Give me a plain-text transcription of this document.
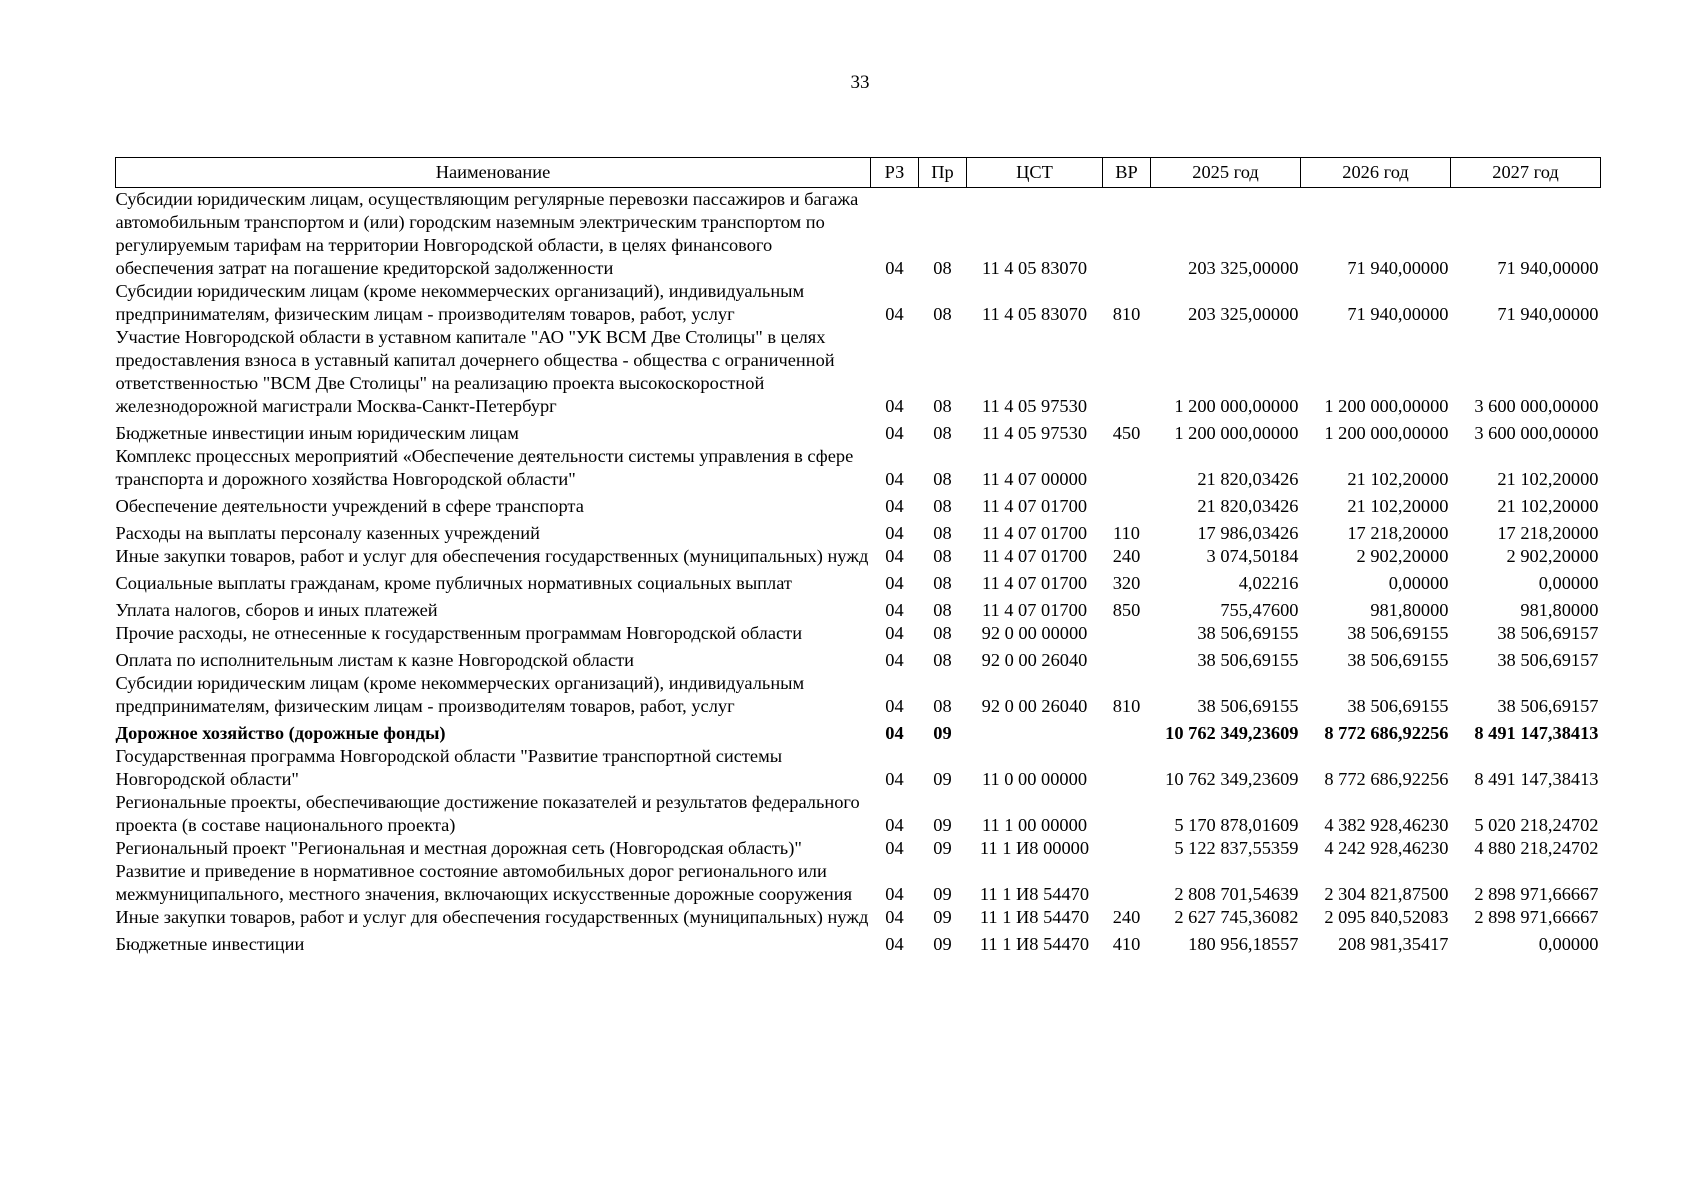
33
Наименование	РЗ	Пр	ЦСТ	ВР	2025 год	2026 год	2027 год
Субсидии юридическим лицам, осуществляющим регулярные перевозки пассажиров и багажа автомобильным транспортом и (или) городским наземным электрическим транспортом по регулируемым тарифам на территории Новгородской области, в целях финансового обеспечения затрат на погашение кредиторской задолженности	04	08	11 4 05 83070		203 325,00000	71 940,00000	71 940,00000
Субсидии юридическим лицам (кроме некоммерческих организаций), индивидуальным предпринимателям, физическим лицам - производителям товаров, работ, услуг	04	08	11 4 05 83070	810	203 325,00000	71 940,00000	71 940,00000
Участие Новгородской области в уставном капитале "АО "УК ВСМ Две Столицы" в целях предоставления взноса в уставный капитал дочернего общества - общества с ограниченной ответственностью "ВСМ Две Столицы" на реализацию проекта высокоскоростной железнодорожной магистрали Москва-Санкт-Петербург	04	08	11 4 05 97530		1 200 000,00000	1 200 000,00000	3 600 000,00000
Бюджетные инвестиции иным юридическим лицам	04	08	11 4 05 97530	450	1 200 000,00000	1 200 000,00000	3 600 000,00000
Комплекс процессных мероприятий «Обеспечение деятельности системы управления в сфере транспорта и дорожного хозяйства Новгородской области"	04	08	11 4 07 00000		21 820,03426	21 102,20000	21 102,20000
Обеспечение деятельности учреждений в сфере транспорта	04	08	11 4 07 01700		21 820,03426	21 102,20000	21 102,20000
Расходы на выплаты персоналу казенных учреждений	04	08	11 4 07 01700	110	17 986,03426	17 218,20000	17 218,20000
Иные закупки товаров, работ и услуг для обеспечения государственных (муниципальных) нужд	04	08	11 4 07 01700	240	3 074,50184	2 902,20000	2 902,20000
Социальные выплаты гражданам, кроме публичных нормативных социальных выплат	04	08	11 4 07 01700	320	4,02216	0,00000	0,00000
Уплата налогов, сборов и иных платежей	04	08	11 4 07 01700	850	755,47600	981,80000	981,80000
Прочие расходы, не отнесенные к государственным программам Новгородской области	04	08	92 0 00 00000		38 506,69155	38 506,69155	38 506,69157
Оплата по исполнительным листам к казне Новгородской области	04	08	92 0 00 26040		38 506,69155	38 506,69155	38 506,69157
Субсидии юридическим лицам (кроме некоммерческих организаций), индивидуальным предпринимателям, физическим лицам - производителям товаров, работ, услуг	04	08	92 0 00 26040	810	38 506,69155	38 506,69155	38 506,69157
Дорожное хозяйство (дорожные фонды)	04	09			10 762 349,23609	8 772 686,92256	8 491 147,38413
Государственная программа Новгородской области "Развитие транспортной системы Новгородской области"	04	09	11 0 00 00000		10 762 349,23609	8 772 686,92256	8 491 147,38413
Региональные проекты, обеспечивающие достижение показателей и результатов федерального проекта (в составе национального проекта)	04	09	11 1 00 00000		5 170 878,01609	4 382 928,46230	5 020 218,24702
Региональный проект "Региональная и местная дорожная сеть (Новгородская область)"	04	09	11 1 И8 00000		5 122 837,55359	4 242 928,46230	4 880 218,24702
Развитие и приведение в нормативное состояние автомобильных дорог регионального или межмуниципального, местного значения, включающих искусственные дорожные сооружения	04	09	11 1 И8 54470		2 808 701,54639	2 304 821,87500	2 898 971,66667
Иные закупки товаров, работ и услуг для обеспечения государственных (муниципальных) нужд	04	09	11 1 И8 54470	240	2 627 745,36082	2 095 840,52083	2 898 971,66667
Бюджетные инвестиции	04	09	11 1 И8 54470	410	180 956,18557	208 981,35417	0,00000
